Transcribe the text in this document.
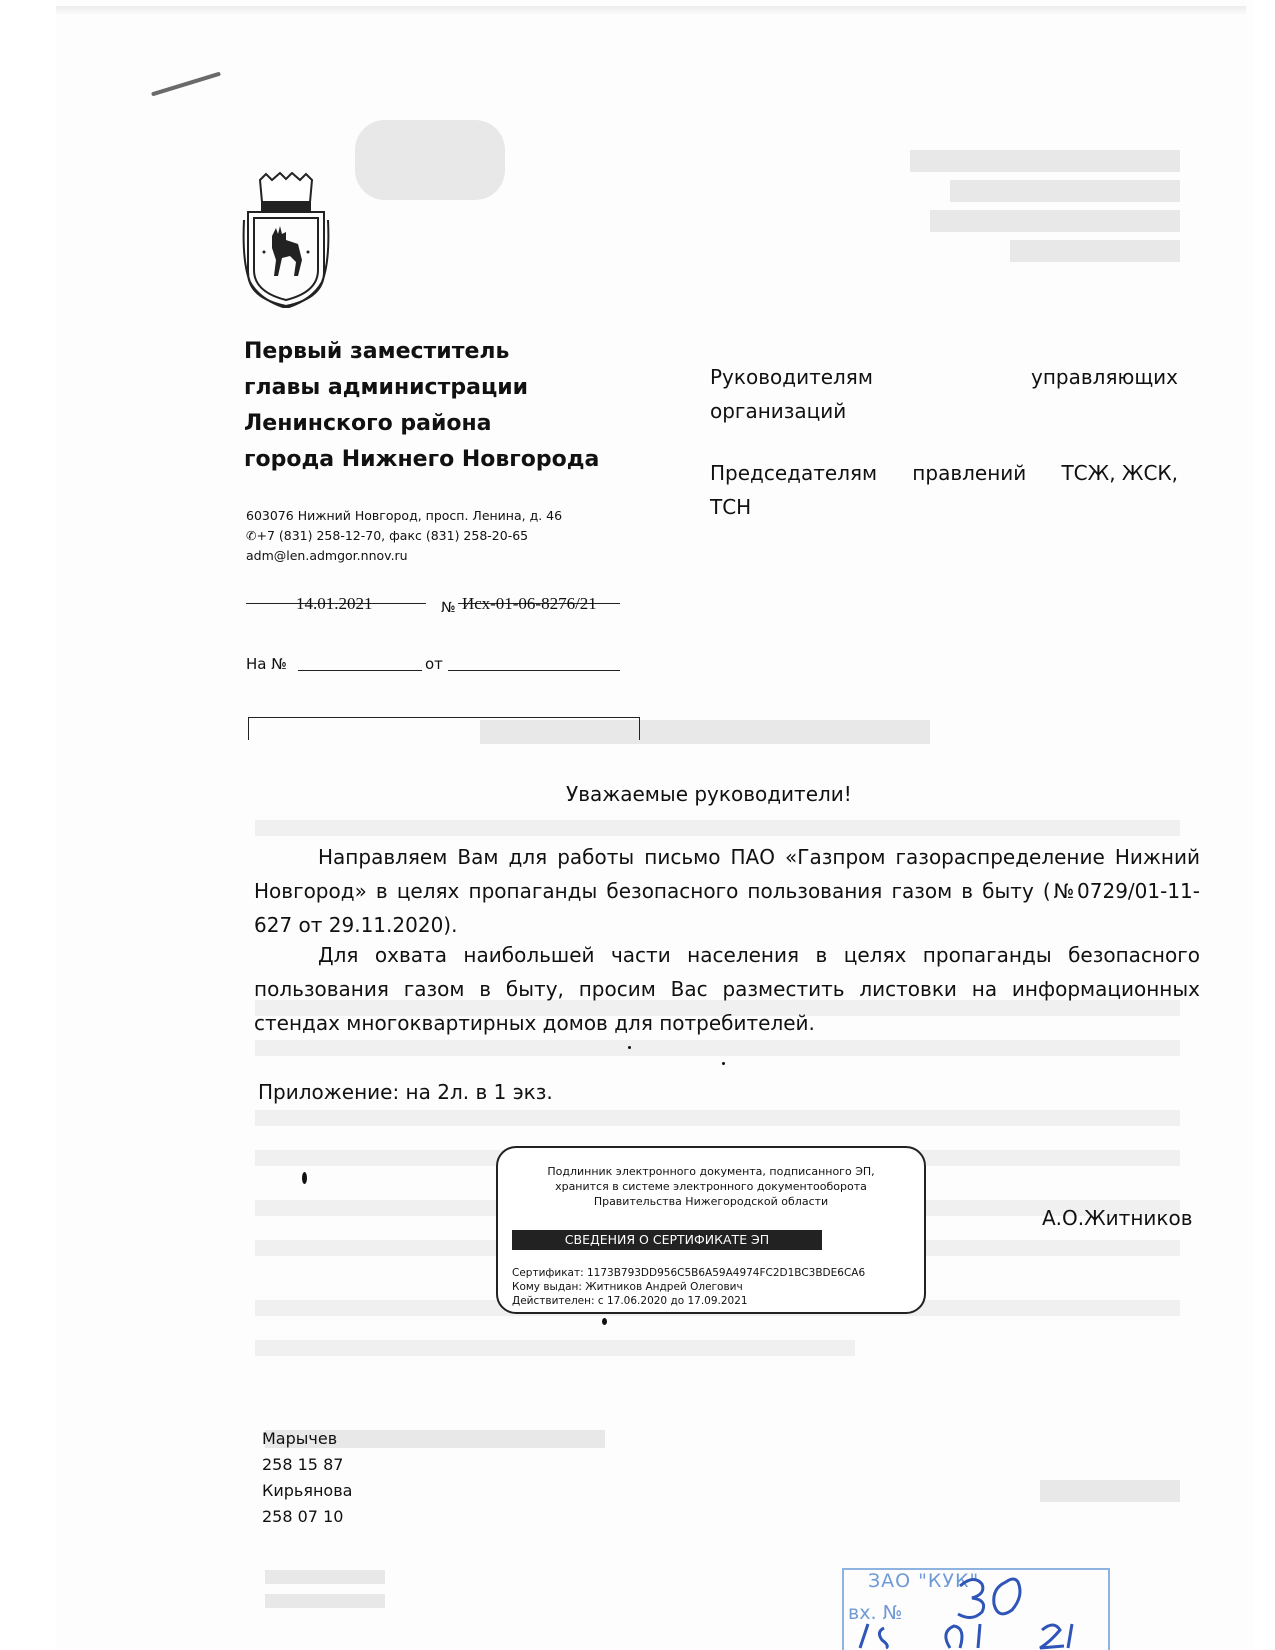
Первый заместитель
главы администрации
Ленинского района
города Нижнего Новгорода
603076 Нижний Новгород, просп. Ленина, д. 46
✆+7 (831) 258-12-70, факс (831) 258-20-65
adm@len.admgor.nnov.ru
Руководителям	управляющих
организаций
Председателям правлений ТСЖ, ЖСК,
ТСН
14.01.2021	№ Исх-01-06-8276/21
На №	от
Уважаемые руководители!
Направляем Вам для работы письмо ПАО «Газпром газораспределение Нижний Новгород» в целях пропаганды безопасного пользования газом в быту (№0729/01-11-627 от 29.11.2020).
Для охвата наибольшей части населения в целях пропаганды безопасного пользования газом в быту, просим Вас разместить листовки на информационных стендах многоквартирных домов для потребителей.
Приложение: на 2л. в 1 экз.
Подлинник электронного документа, подписанного ЭП,
хранится в системе электронного документооборота
Правительства Нижегородской области
СВЕДЕНИЯ О СЕРТИФИКАТЕ ЭП
Сертификат: 1173B793DD956C5B6A59A4974FC2D1BC3BDE6CA6
Кому выдан: Житников Андрей Олегович
Действителен: с 17.06.2020 до 17.09.2021
А.О.Житников
Марычев
258 15 87
Кирьянова
258 07 10
ЗАО "КУК"
вх. №
